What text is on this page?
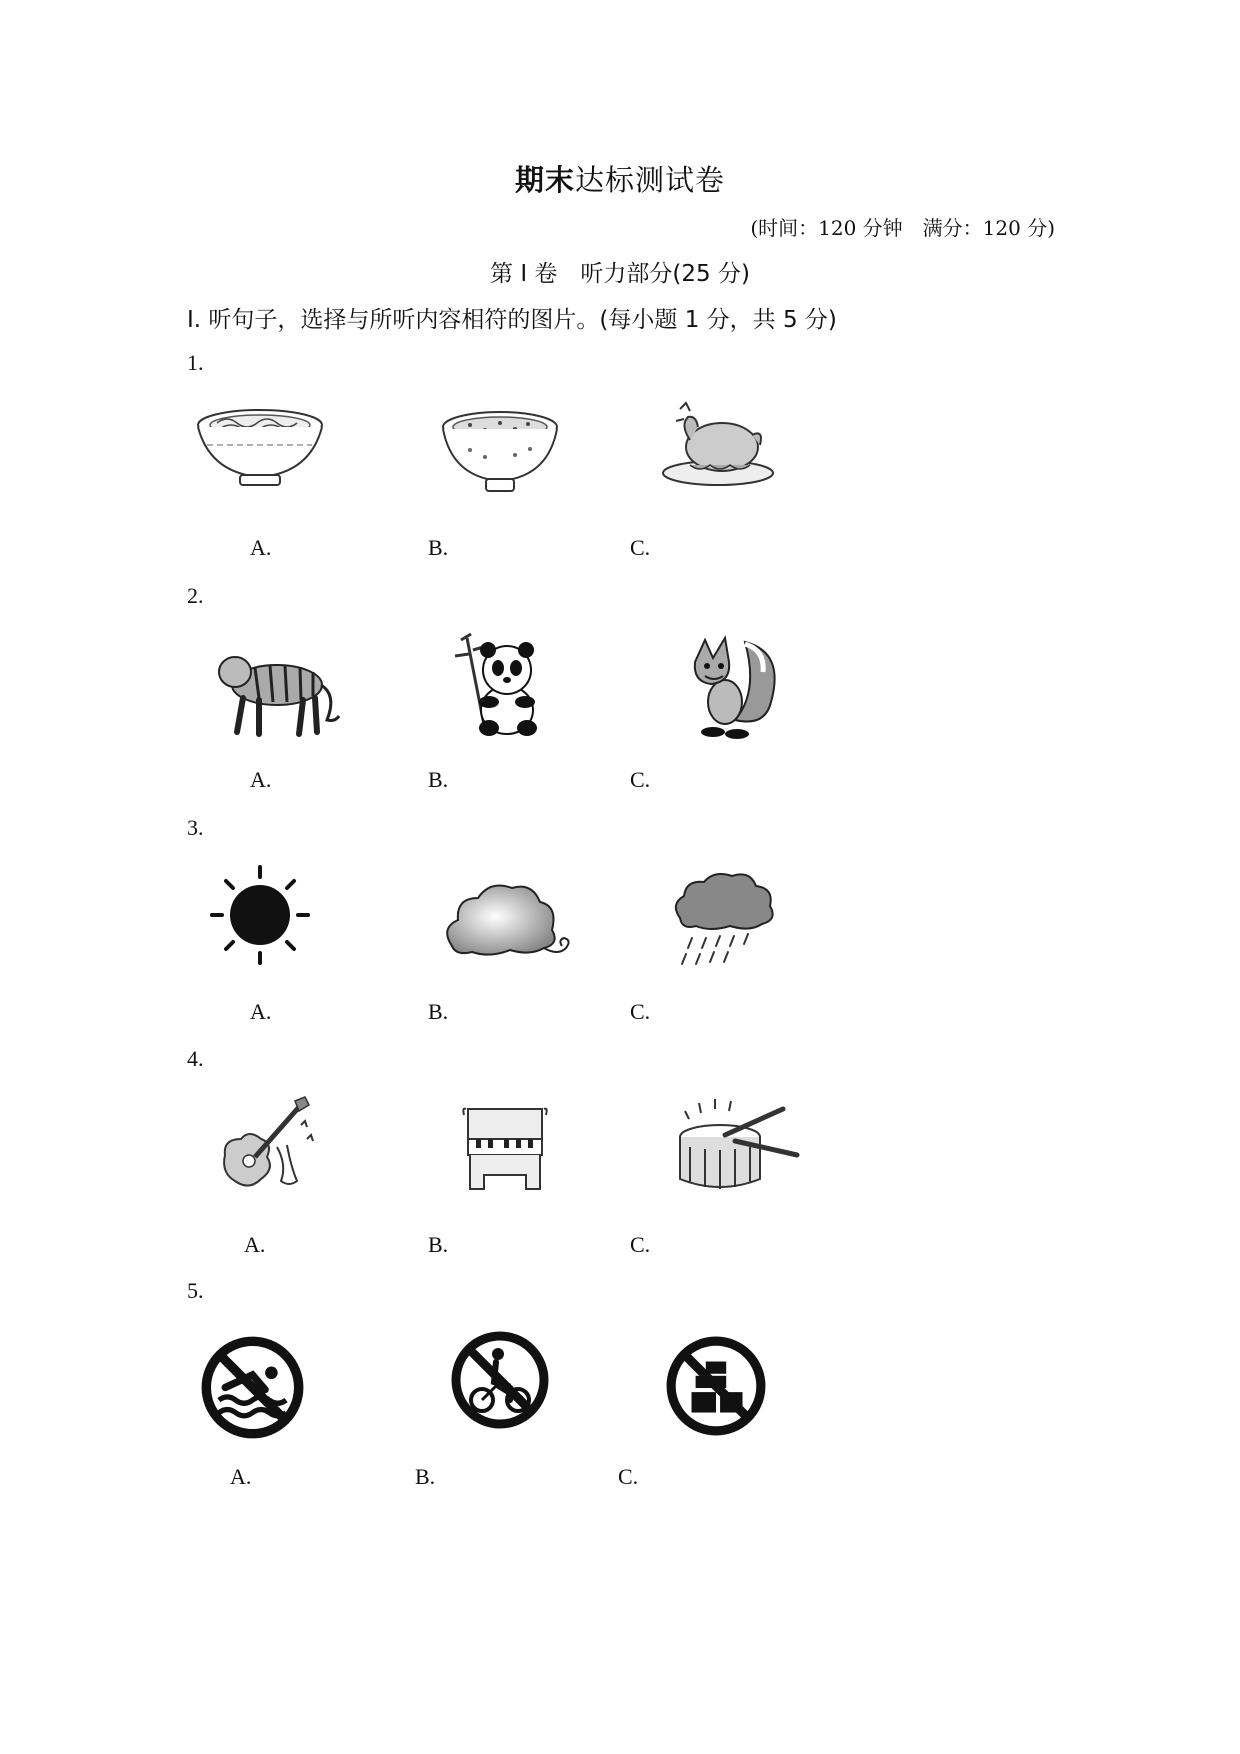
期末达标测试卷
(时间：120 分钟　满分：120 分)
第 I 卷　听力部分(25 分)
I. 听句子，选择与所听内容相符的图片。(每小题 1 分，共 5 分)
1.
A.	B.	C.
2.
A.	B.	C.
3.
A.	B.	C.
4.
A.	B.	C.
5.
A.	B.	C.
